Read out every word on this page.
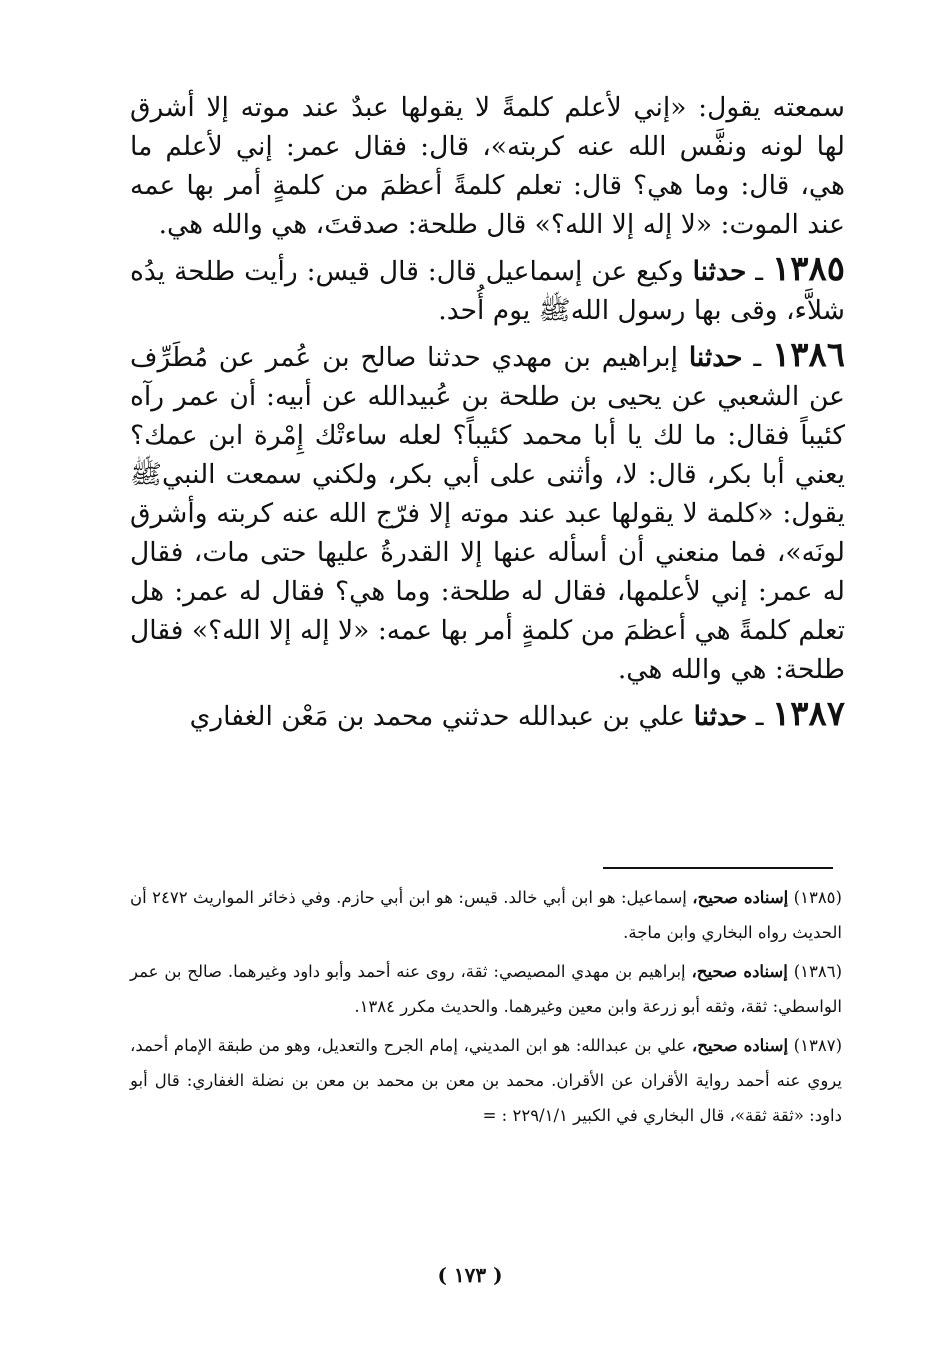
سمعته يقول: «إني لأعلم كلمةً لا يقولها عبدٌ عند موته إلا أشرق لها لونه ونفَّس الله عنه كربته»، قال: فقال عمر: إني لأعلم ما هي، قال: وما هي؟ قال: تعلم كلمةً أعظمَ من كلمةٍ أمر بها عمه عند الموت: «لا إله إلا الله؟» قال طلحة: صدقتَ، هي والله هي.

١٣٨٥ ـ حدثنا وكيع عن إسماعيل قال: قال قيس: رأيت طلحة يدُه شلاَّء، وقى بها رسول اللهﷺ يوم أُحد.

١٣٨٦ ـ حدثنا إبراهيم بن مهدي حدثنا صالح بن عُمر عن مُطَرِّف عن الشعبي عن يحيى بن طلحة بن عُبيدالله عن أبيه: أن عمر رآه كئيباً فقال: ما لك يا أبا محمد كئيباً؟ لعله ساءتْك إِمْرة ابن عمك؟ يعني أبا بكر، قال: لا، وأثنى على أبي بكر، ولكني سمعت النبيﷺ يقول: «كلمة لا يقولها عبد عند موته إلا فرّج الله عنه كربته وأشرق لونَه»، فما منعني أن أسأله عنها إلا القدرةُ عليها حتى مات، فقال له عمر: إني لأعلمها، فقال له طلحة: وما هي؟ فقال له عمر: هل تعلم كلمةً هي أعظمَ من كلمةٍ أمر بها عمه: «لا إله إلا الله؟» فقال طلحة: هي والله هي.

١٣٨٧ ـ حدثنا علي بن عبدالله حدثني محمد بن مَعْن الغفاري

(١٣٨٥) إسناده صحيح، إسماعيل: هو ابن أبي خالد. قيس: هو ابن أبي حازم. وفي ذخائر المواريث ٢٤٧٢ أن الحديث رواه البخاري وابن ماجة.

(١٣٨٦) إسناده صحيح، إبراهيم بن مهدي المصيصي: ثقة، روى عنه أحمد وأبو داود وغيرهما. صالح بن عمر الواسطي: ثقة، وثقه أبو زرعة وابن معين وغيرهما. والحديث مكرر ١٣٨٤.

(١٣٨٧) إسناده صحيح، علي بن عبدالله: هو ابن المديني، إمام الجرح والتعديل، وهو من طبقة الإمام أحمد، يروي عنه أحمد رواية الأقران عن الأقران. محمد بن معن بن محمد بن معن بن نضلة الغفاري: قال أبو داود: «ثقة ثقة»، قال البخاري في الكبير ٢٢٩/١/١ : =

( ١٧٣ )
